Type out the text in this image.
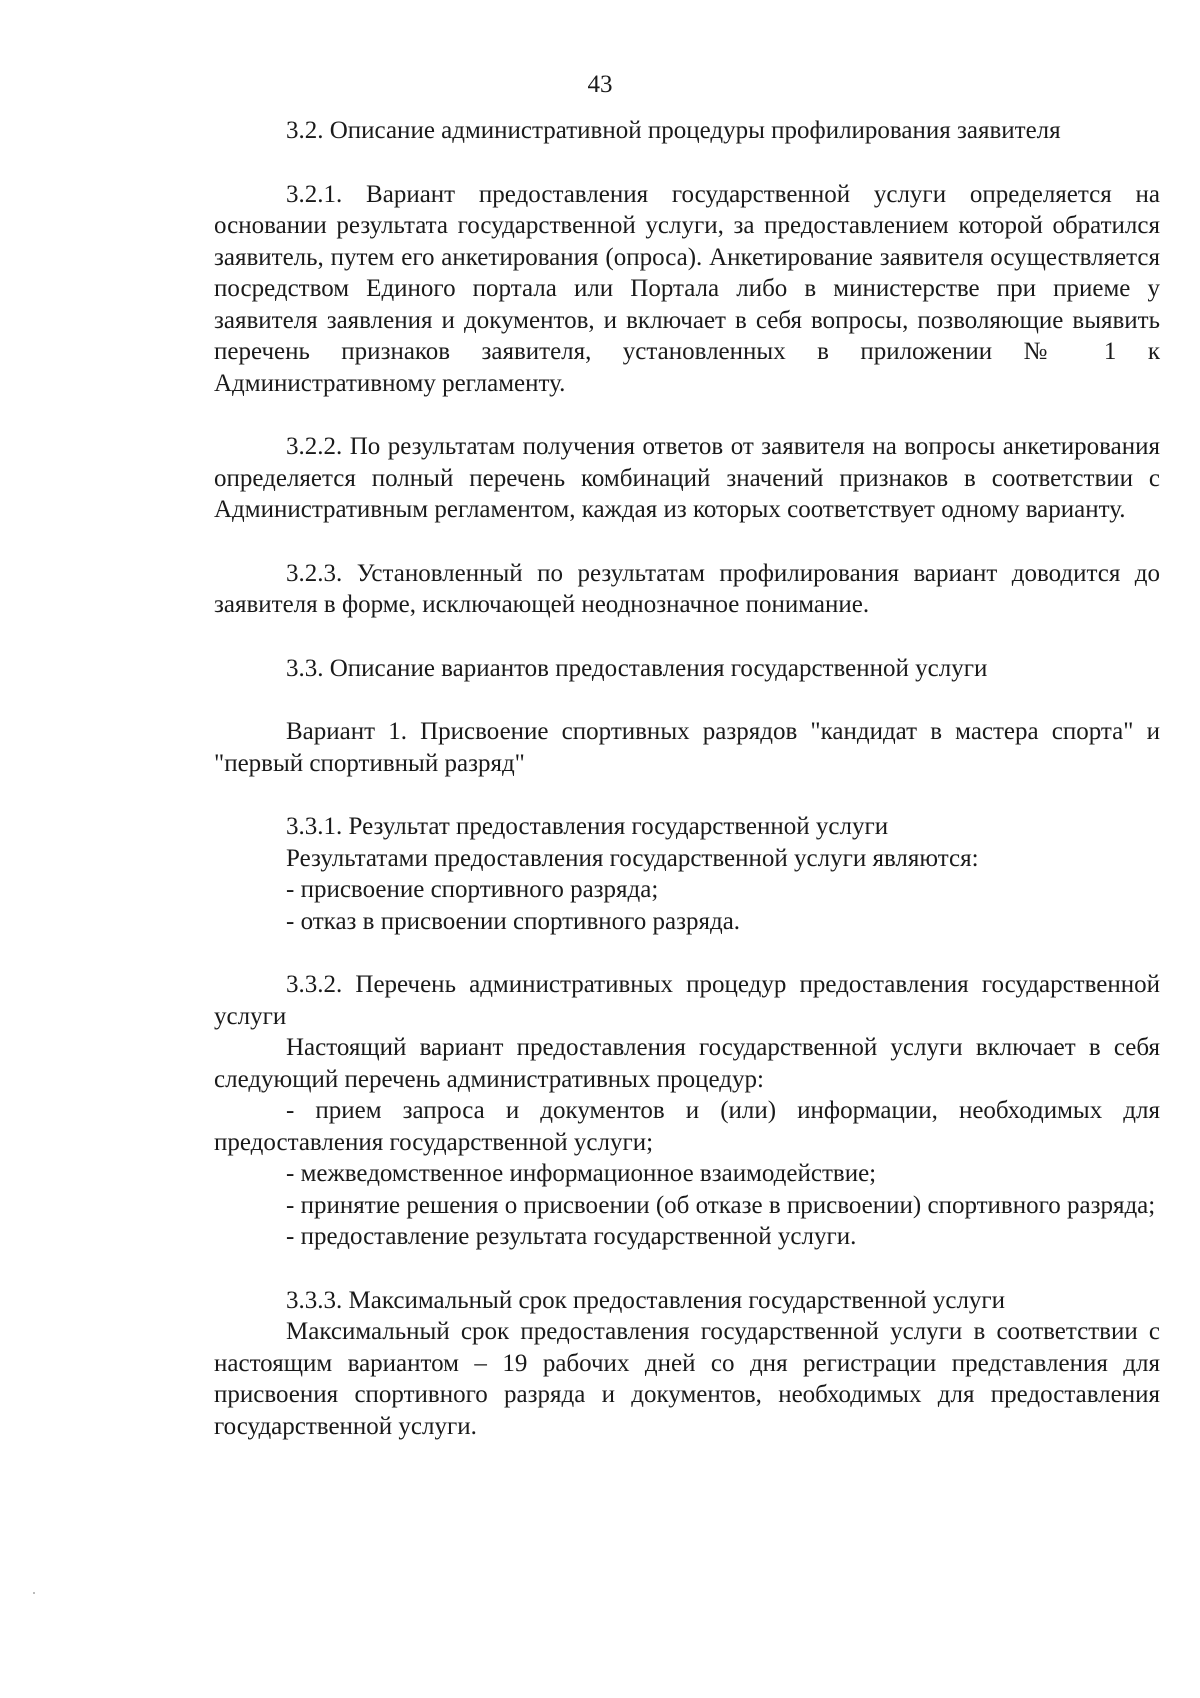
43

3.2. Описание административной процедуры профилирования заявителя

3.2.1. Вариант предоставления государственной услуги определяется на основании результата государственной услуги, за предоставлением которой обратился заявитель, путем его анкетирования (опроса). Анкетирование заявителя осуществляется посредством Единого портала или Портала либо в министерстве при приеме у заявителя заявления и документов, и включает в себя вопросы, позволяющие выявить перечень признаков заявителя, установленных в приложении № 1 к Административному регламенту.

3.2.2. По результатам получения ответов от заявителя на вопросы анкетирования определяется полный перечень комбинаций значений признаков в соответствии с Административным регламентом, каждая из которых соответствует одному варианту.

3.2.3. Установленный по результатам профилирования вариант доводится до заявителя в форме, исключающей неоднозначное понимание.

3.3. Описание вариантов предоставления государственной услуги

Вариант 1. Присвоение спортивных разрядов "кандидат в мастера спорта" и "первый спортивный разряд"

3.3.1. Результат предоставления государственной услуги

Результатами предоставления государственной услуги являются:

- присвоение спортивного разряда;

- отказ в присвоении спортивного разряда.

3.3.2. Перечень административных процедур предоставления государственной услуги

Настоящий вариант предоставления государственной услуги включает в себя следующий перечень административных процедур:

- прием запроса и документов и (или) информации, необходимых для предоставления государственной услуги;

- межведомственное информационное взаимодействие;

- принятие решения о присвоении (об отказе в присвоении) спортивного разряда;

- предоставление результата государственной услуги.

3.3.3. Максимальный срок предоставления государственной услуги

Максимальный срок предоставления государственной услуги в соответствии с настоящим вариантом – 19 рабочих дней со дня регистрации представления для присвоения спортивного разряда и документов, необходимых для предоставления государственной услуги.
